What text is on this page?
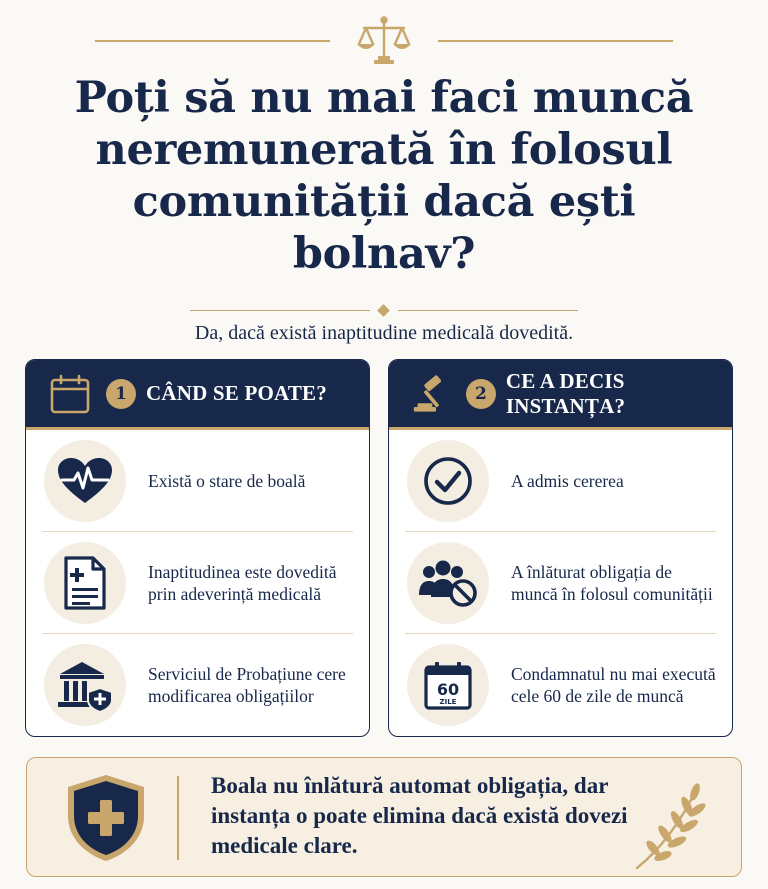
Poți să nu mai faci muncă neremunerată în folosul comunității dacă ești bolnav?

Da, dacă există inaptitudine medicală dovedită.

1 CÂND SE POATE?
Există o stare de boală
Inaptitudinea este dovedită prin adeverință medicală
Serviciul de Probațiune cere modificarea obligațiilor
2
CE A DECIS INSTANȚA?
A admis cererea
A înlăturat obligația de muncă în folosul comunității
60
ZILE
Condamnatul nu mai execută cele 60 de zile de muncă

Boala nu înlătură automat obligația, dar instanța o poate elimina dacă există dovezi medicale clare.
